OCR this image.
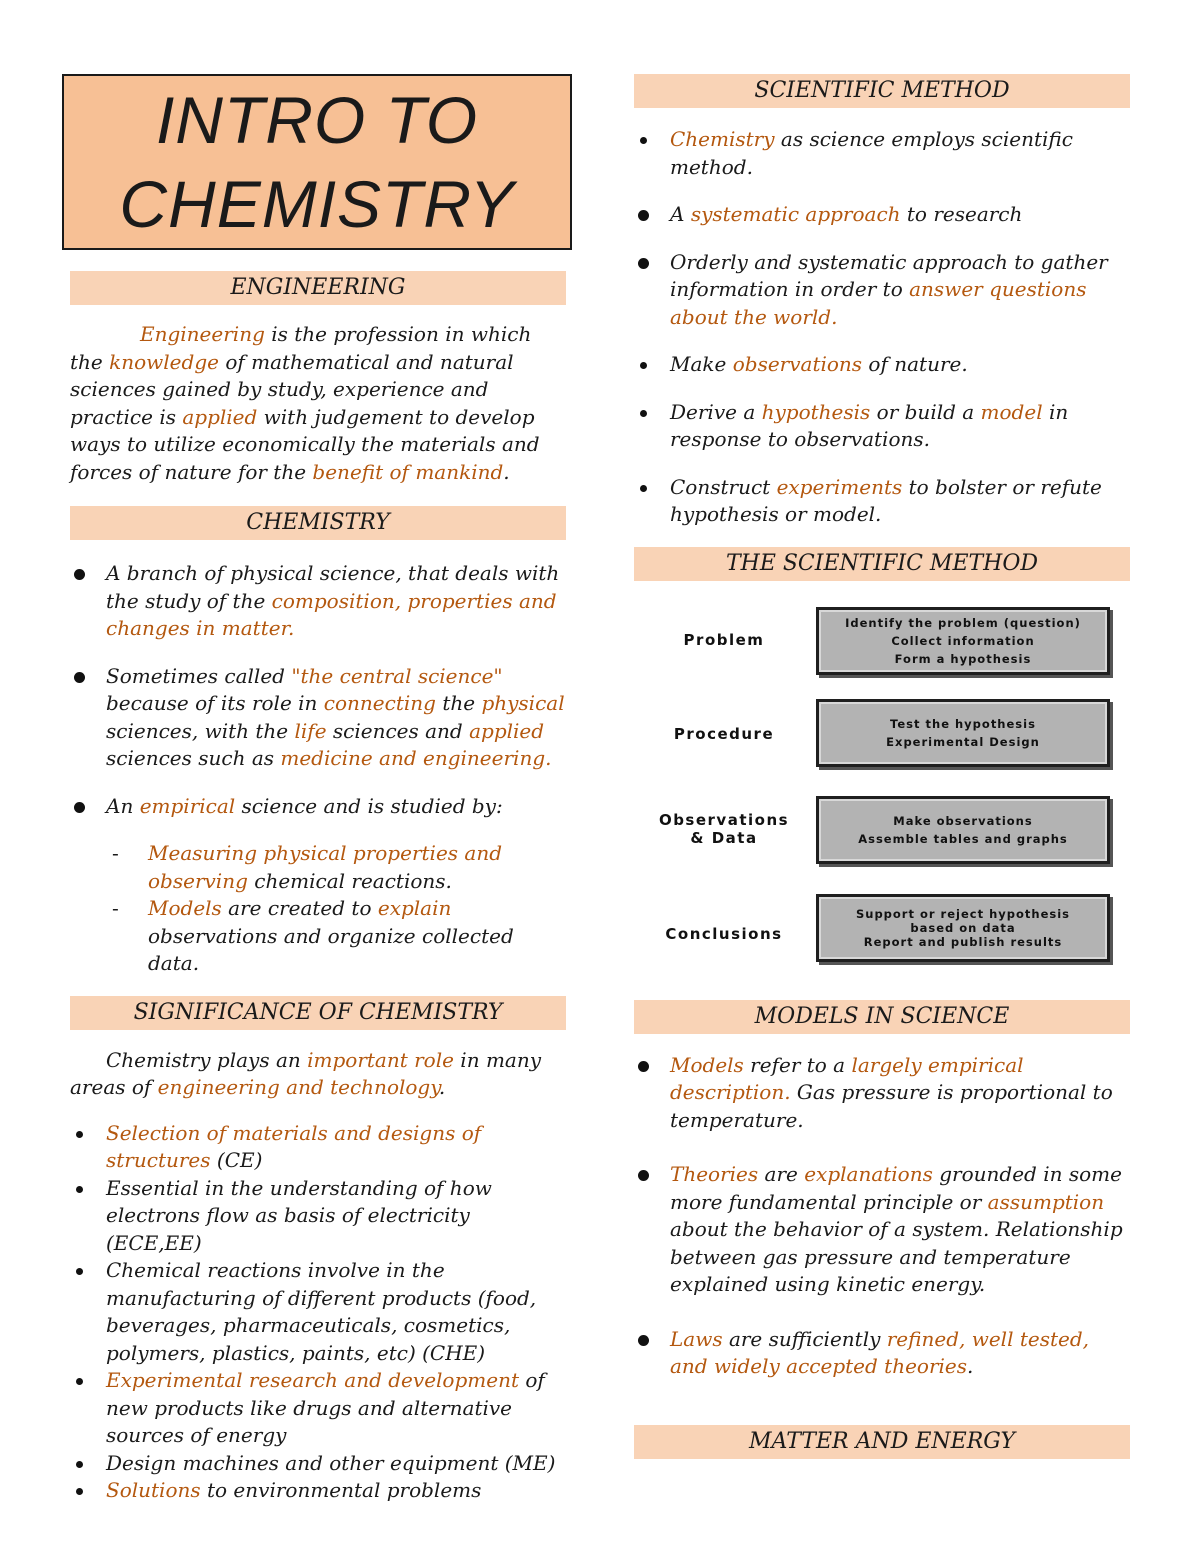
INTRO TO
CHEMISTRY
ENGINEERING
Engineering is the profession in which the knowledge of mathematical and natural sciences gained by study, experience and practice is applied with judgement to develop ways to utilize economically the materials and forces of nature for the benefit of mankind.
CHEMISTRY
A branch of physical science, that deals with the study of the composition, properties and changes in matter.
Sometimes called "the central science" because of its role in connecting the physical sciences, with the life sciences and applied sciences such as medicine and engineering.
An empirical science and is studied by:
- Measuring physical properties and observing chemical reactions.
- Models are created to explain observations and organize collected data.
SIGNIFICANCE OF CHEMISTRY
Chemistry plays an important role in many areas of engineering and technology.
Selection of materials and designs of structures (CE)
Essential in the understanding of how electrons flow as basis of electricity (ECE,EE)
Chemical reactions involve in the manufacturing of different products (food, beverages, pharmaceuticals, cosmetics, polymers, plastics, paints, etc) (CHE)
Experimental research and development of new products like drugs and alternative sources of energy
Design machines and other equipment (ME)
Solutions to environmental problems
SCIENTIFIC METHOD
Chemistry as science employs scientific method.
A systematic approach to research
Orderly and systematic approach to gather information in order to answer questions about the world.
Make observations of nature.
Derive a hypothesis or build a model in response to observations.
Construct experiments to bolster or refute hypothesis or model.
THE SCIENTIFIC METHOD
Problem
Identify the problem (question)
Collect information
Form a hypothesis
Procedure
Test the hypothesis
Experimental Design
Observations
& Data
Make observations
Assemble tables and graphs
Conclusions
Support or reject hypothesis
based on data
Report and publish results
MODELS IN SCIENCE
Models refer to a largely empirical description. Gas pressure is proportional to temperature.
Theories are explanations grounded in some more fundamental principle or assumption about the behavior of a system. Relationship between gas pressure and temperature explained using kinetic energy.
Laws are sufficiently refined, well tested, and widely accepted theories.
MATTER AND ENERGY
